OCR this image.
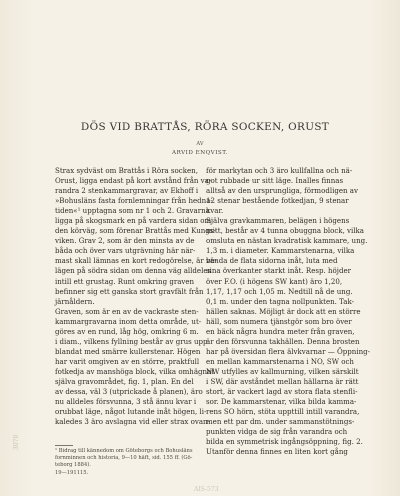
DÖS VID BRATTÅS, RÖRA SOCKEN, ORUST
AV
ARVID ENQVIST.
Strax sydväst om Brattås i Röra socken,
Orust, ligga endast på kort avstånd från va-
randra 2 stenkammargravar, av Ekhoff i
»Bohusläns fasta fornlemningar från hedna-
tiden«¹ upptagna som nr 1 och 2. Gravarna
ligga på skogsmark en på vardera sidan om
den körväg, som förenar Brattås med Kungs-
viken. Grav 2, som är den minsta av de
båda och över vars utgrävning här när-
mast skall lämnas en kort redogörelse, är be-
lägen på södra sidan om denna väg alldeles
intill ett grustag. Runt omkring graven
befinner sig ett ganska stort gravfält från
järnåldern.
Graven, som är en av de vackraste sten-
kammargravarna inom detta område, ut-
göres av en rund, låg hög, omkring 6 m.
i diam., vilkens fyllning består av grus upp-
blandat med smärre kullerstenar. Högen
har varit omgiven av en större, praktfull
fotkedja av manshöga block, vilka omhägnat
själva gravområdet, fig. 1, plan. En del
av dessa, väl 3 (utprickade å planen), äro
nu alldeles försvunna, 3 stå ännu kvar i
orubbat läge, något lutande inåt högen, li-
kaledes 3 äro avslagna vid eller strax ovan-
för markytan och 3 äro kullfallna och nä-
got rubbade ur sitt läge. Inalles finnas
alltså av den ursprungliga, förmodligen av
12 stenar bestående fotkedjan, 9 stenar
kvar.
Själva gravkammaren, belägen i högens
mitt, består av 4 tunna obuggna block, vilka
omsluta en nästan kvadratisk kammare, ung.
1,3 m. i diameter. Kammarstenarna, vilka
vända de flata sidorna inåt, luta med
sina överkanter starkt inåt. Resp. höjder
över F.O. (i högens SW kant) äro 1,20,
1,17, 1,17 och 1,05 m. Nedtill nå de ung.
0,1 m. under den tagna nollpunkten. Tak-
hällen saknas. Möjligt är dock att en större
häll, som numera tjänstgör som bro över
en bäck några hundra meter från graven,
är den försvunna takhällen. Denna brosten
har på översidan flera älvkvarnar — Öppning-
en mellan kammarstenarna i NO, SW och
NW utfylles av kallmurning, vilken särskilt
i SW, där avståndet mellan hällarna är rätt
stort, är vackert lagd av stora flata stenfli-
sor. De kammarstenar, vilka bilda kamma-
rens SO hörn, stöta uppttill intill varandra,
men ett par dm. under sammanstötnings-
punkten vidga de sig från varandra och
bilda en symmetrisk ingångsöppning, fig. 2.
Utanför denna finnes en liten kort gång
¹ Bidrag till kännedom om Göteborgs och Bohusläns
fornminnen och historia, 9—10 häft, sid. 155 ff. (Gö-
teborg 1884).
19—191115.
3070
AIS-573
